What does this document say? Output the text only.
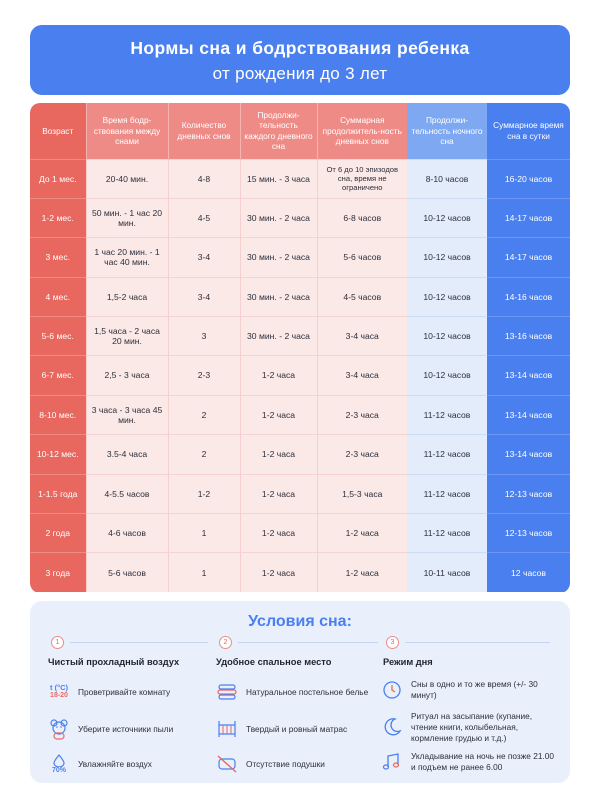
Нормы сна и бодрствования ребенка
от рождения до 3 лет
Возраст	Время бодр-ствования между снами	Количество дневных снов	Продолжи-тельность каждого дневного сна	Суммарная продолжитель-ность дневных снов	Продолжи-тельность ночного сна	Суммарное время сна в сутки
До 1 мес.	20-40 мин.	4-8	15 мин. - 3 часа	От 6 до 10 эпизодов сна, время не ограничено	8-10 часов	16-20 часов
1-2 мес.	50 мин. - 1 час 20 мин.	4-5	30 мин. - 2 часа	6-8 часов	10-12 часов	14-17 часов
3 мес.	1 час 20 мин. - 1 час 40 мин.	3-4	30 мин. - 2 часа	5-6 часов	10-12 часов	14-17 часов
4 мес.	1,5-2 часа	3-4	30 мин. - 2 часа	4-5 часов	10-12 часов	14-16 часов
5-6 мес.	1,5 часа - 2 часа 20 мин.	3	30 мин. - 2 часа	3-4 часа	10-12 часов	13-16 часов
6-7 мес.	2,5 - 3 часа	2-3	1-2 часа	3-4 часа	10-12 часов	13-14 часов
8-10 мес.	3 часа - 3 часа 45 мин.	2	1-2 часа	2-3 часа	11-12 часов	13-14 часов
10-12 мес.	3.5-4 часа	2	1-2 часа	2-3 часа	11-12 часов	13-14 часов
1-1.5 года	4-5.5 часов	1-2	1-2 часа	1,5-3 часа	11-12 часов	12-13 часов
2 года	4-6 часов	1	1-2 часа	1-2 часа	11-12 часов	12-13 часов
3 года	5-6 часов	1	1-2 часа	1-2 часа	10-11 часов	12 часов
Условия сна:
1	2	3
Чистый прохладный воздух	Удобное спальное место	Режим дня
t (°C)
18-20 Проветривайте комнату
Уберите источники пыли
70%
Увлажняйте воздух
Натуральное постельное белье
Твердый и ровный матрас
Отсутствие подушки
Сны в одно и то же время (+/- 30 минут)
Ритуал на засыпание (купание, чтение книги, колыбельная, кормление грудью и т.д.)
Укладывание на ночь не позже 21.00 и подъем не ранее 6.00
